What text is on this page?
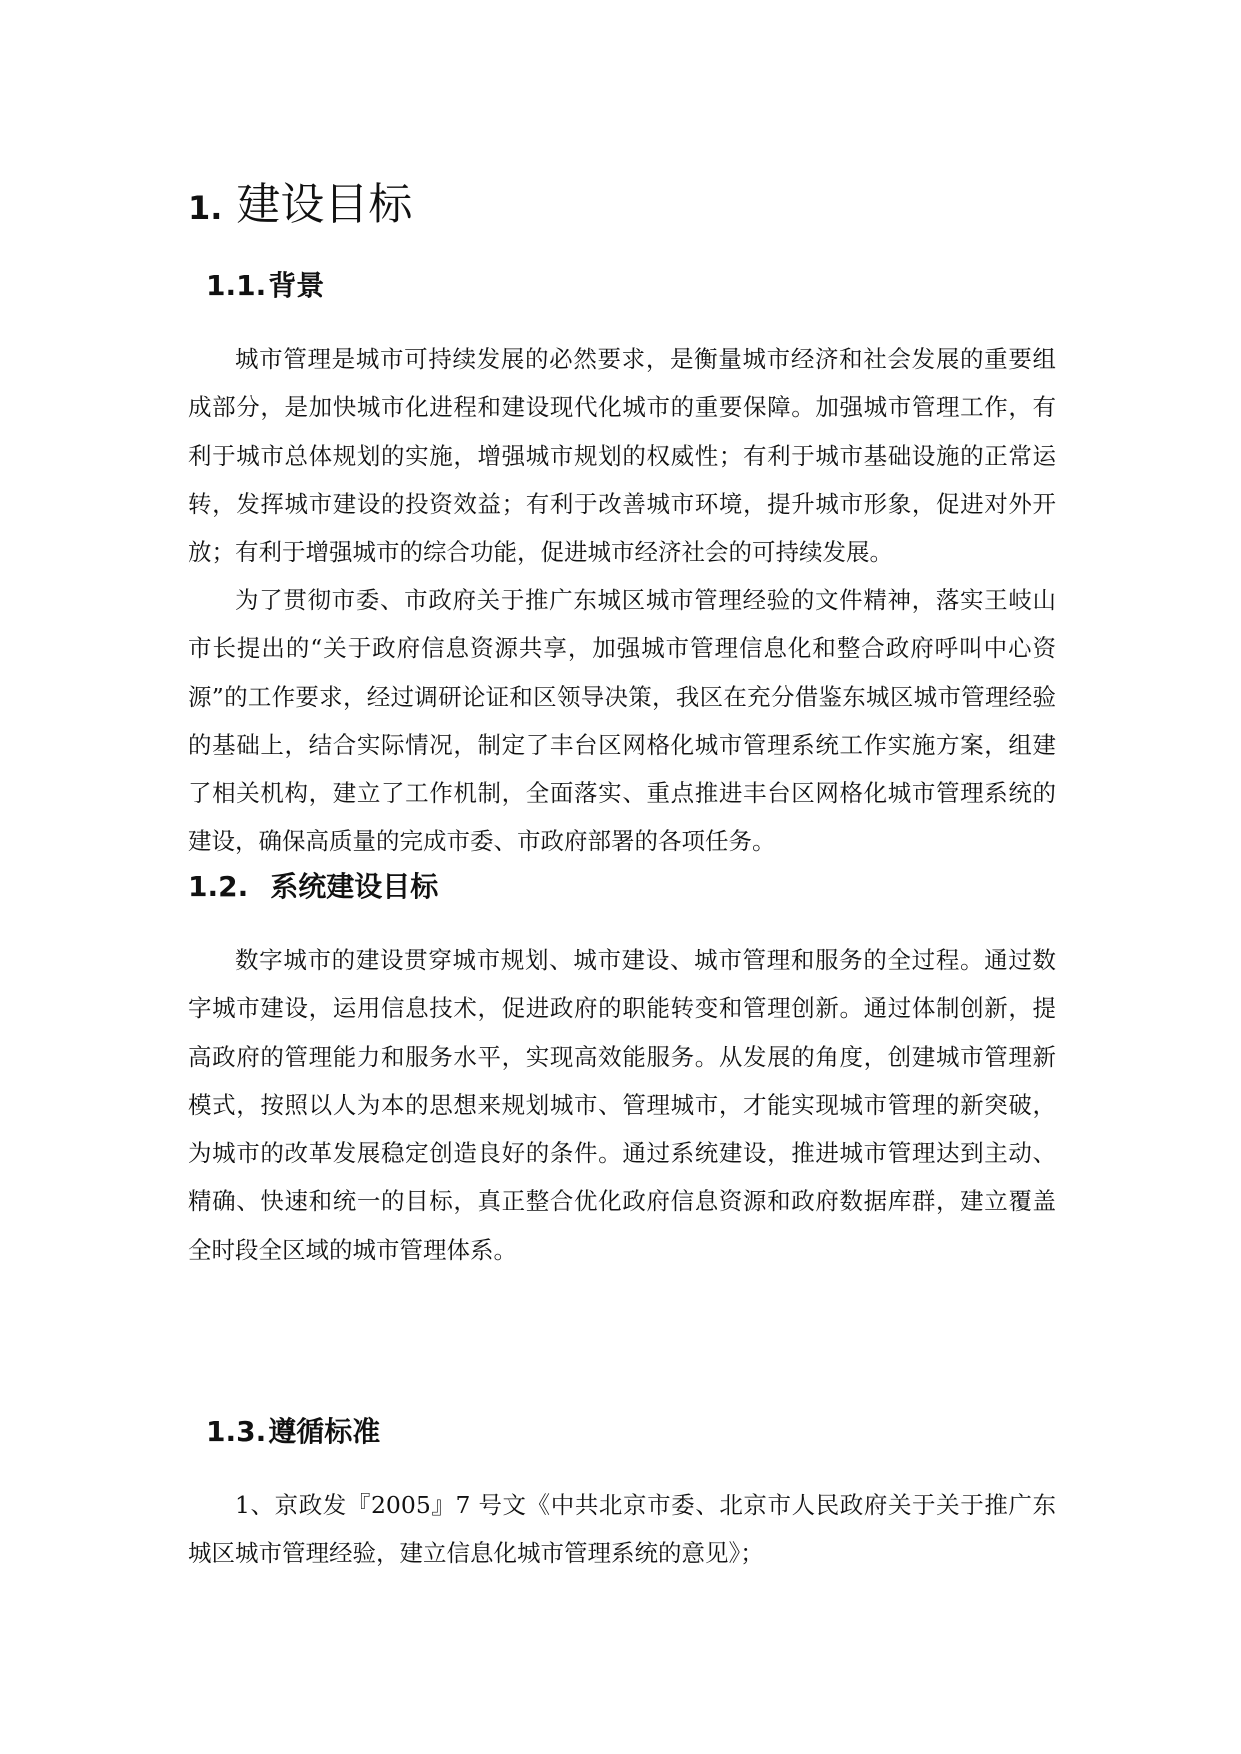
1. 建设目标
1.1.背景

城市管理是城市可持续发展的必然要求，是衡量城市经济和社会发展的重要组成部分，是加快城市化进程和建设现代化城市的重要保障。加强城市管理工作，有利于城市总体规划的实施，增强城市规划的权威性；有利于城市基础设施的正常运转，发挥城市建设的投资效益；有利于改善城市环境，提升城市形象，促进对外开放；有利于增强城市的综合功能，促进城市经济社会的可持续发展。

为了贯彻市委、市政府关于推广东城区城市管理经验的文件精神，落实王岐山市长提出的“关于政府信息资源共享，加强城市管理信息化和整合政府呼叫中心资源”的工作要求，经过调研论证和区领导决策，我区在充分借鉴东城区城市管理经验的基础上，结合实际情况，制定了丰台区网格化城市管理系统工作实施方案，组建了相关机构，建立了工作机制，全面落实、重点推进丰台区网格化城市管理系统的建设，确保高质量的完成市委、市政府部署的各项任务。

1.2. 系统建设目标

数字城市的建设贯穿城市规划、城市建设、城市管理和服务的全过程。通过数字城市建设，运用信息技术，促进政府的职能转变和管理创新。通过体制创新，提高政府的管理能力和服务水平，实现高效能服务。从发展的角度，创建城市管理新模式，按照以人为本的思想来规划城市、管理城市，才能实现城市管理的新突破，为城市的改革发展稳定创造良好的条件。通过系统建设，推进城市管理达到主动、精确、快速和统一的目标，真正整合优化政府信息资源和政府数据库群，建立覆盖全时段全区域的城市管理体系。

1.3.遵循标准

1、京政发『2005』7 号文《中共北京市委、北京市人民政府关于关于推广东城区城市管理经验，建立信息化城市管理系统的意见》；
